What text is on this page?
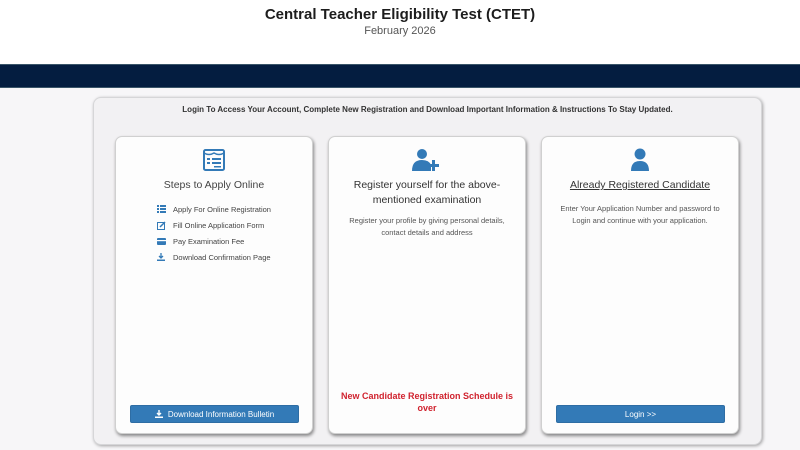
Central Teacher Eligibility Test (CTET)
February 2026
Login To Access Your Account, Complete New Registration and Download Important Information & Instructions To Stay Updated.
Steps to Apply Online
Apply For Online Registration
Fill Online Application Form
Pay Examination Fee
Download Confirmation Page
Download Information Bulletin
Register yourself for the above-mentioned examination
Register your profile by giving personal details, contact details and address
New Candidate Registration Schedule is over
Already Registered Candidate
Enter Your Application Number and password to Login and continue with your application.
Login >>
